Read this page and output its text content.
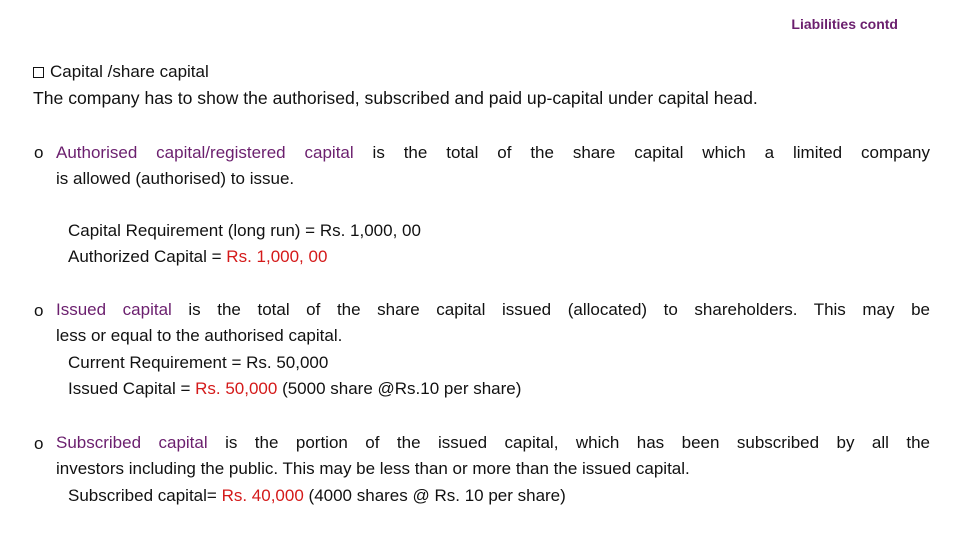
Liabilities contd
Capital /share capital
The company has to show the authorised, subscribed and paid up-capital under capital head.
o Authorised capital/registered capital is the total of the share capital which a limited company
is allowed (authorised) to issue.
Capital Requirement (long run) = Rs. 1,000, 00
Authorized Capital = Rs. 1,000, 00
o Issued capital is the total of the share capital issued (allocated) to shareholders. This may be
less or equal to the authorised capital.
Current Requirement = Rs. 50,000
Issued Capital = Rs. 50,000 (5000 share @Rs.10 per share)
o Subscribed capital is the portion of the issued capital, which has been subscribed by all the
investors including the public. This may be less than or more than the issued capital.
Subscribed capital= Rs. 40,000 (4000 shares @ Rs. 10 per share)
